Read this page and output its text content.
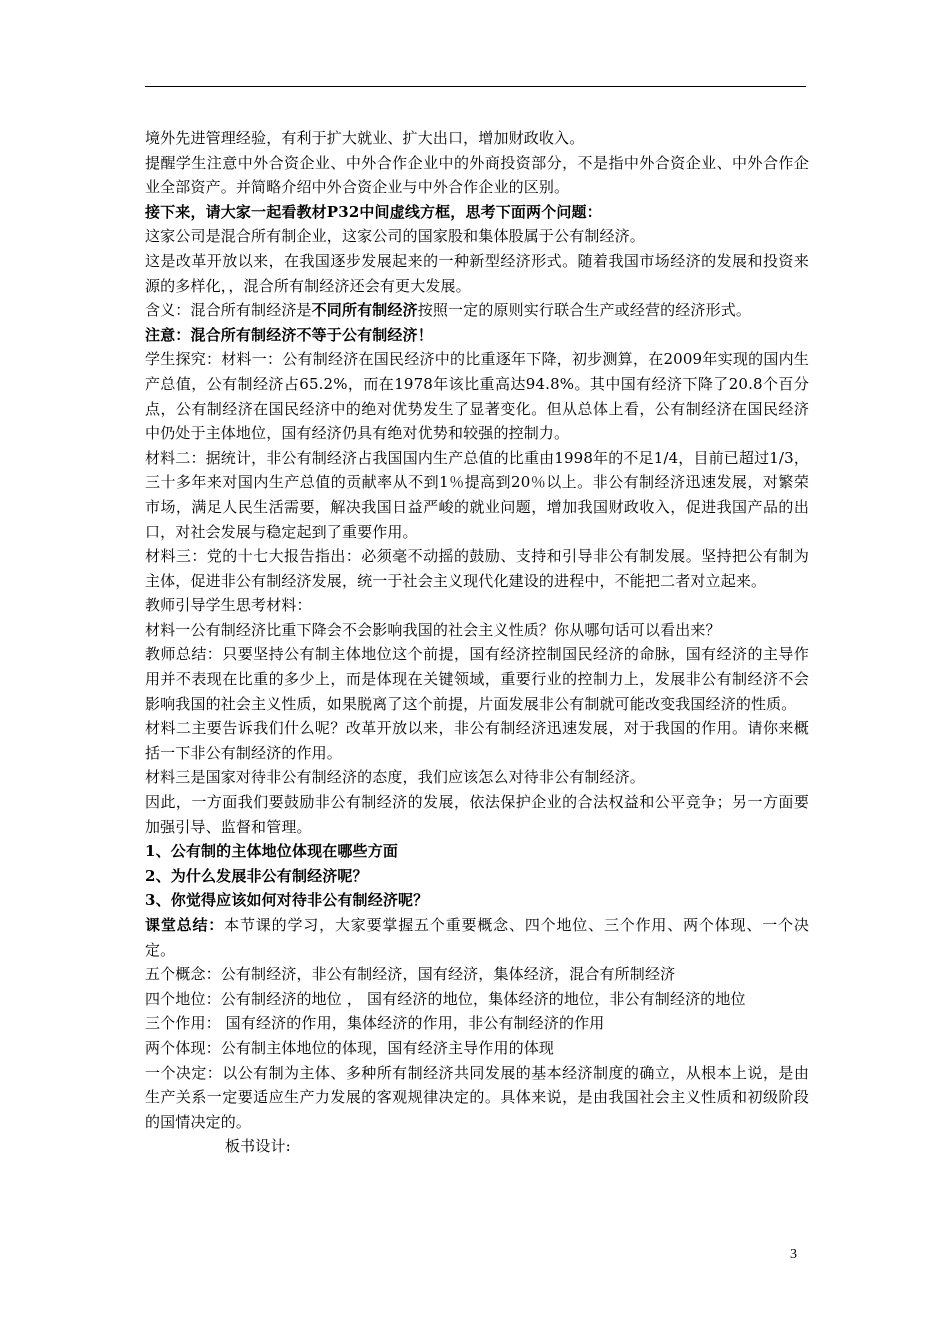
境外先进管理经验，有利于扩大就业、扩大出口，增加财政收入。
提醒学生注意中外合资企业、中外合作企业中的外商投资部分，不是指中外合资企业、中外合作企业全部资产。并简略介绍中外合资企业与中外合作企业的区别。
接下来，请大家一起看教材P32中间虚线方框，思考下面两个问题：
这家公司是混合所有制企业，这家公司的国家股和集体股属于公有制经济。
这是改革开放以来，在我国逐步发展起来的一种新型经济形式。随着我国市场经济的发展和投资来源的多样化，，混合所有制经济还会有更大发展。
含义：混合所有制经济是不同所有制经济按照一定的原则实行联合生产或经营的经济形式。
注意：混合所有制经济不等于公有制经济！
学生探究：材料一：公有制经济在国民经济中的比重逐年下降，初步测算，在2009年实现的国内生产总值，公有制经济占65.2%，而在1978年该比重高达94.8%。其中国有经济下降了20.8个百分点，公有制经济在国民经济中的绝对优势发生了显著变化。但从总体上看，公有制经济在国民经济中仍处于主体地位，国有经济仍具有绝对优势和较强的控制力。
材料二：据统计，非公有制经济占我国国内生产总值的比重由1998年的不足1/4，目前已超过1/3，三十多年来对国内生产总值的贡献率从不到1％提高到20％以上。非公有制经济迅速发展，对繁荣市场，满足人民生活需要，解决我国日益严峻的就业问题，增加我国财政收入，促进我国产品的出口，对社会发展与稳定起到了重要作用。
材料三：党的十七大报告指出：必须毫不动摇的鼓励、支持和引导非公有制发展。坚持把公有制为主体，促进非公有制经济发展，统一于社会主义现代化建设的进程中，不能把二者对立起来。
教师引导学生思考材料：
材料一公有制经济比重下降会不会影响我国的社会主义性质？你从哪句话可以看出来？
教师总结：只要坚持公有制主体地位这个前提，国有经济控制国民经济的命脉，国有经济的主导作用并不表现在比重的多少上，而是体现在关键领域，重要行业的控制力上，发展非公有制经济不会影响我国的社会主义性质，如果脱离了这个前提，片面发展非公有制就可能改变我国经济的性质。
材料二主要告诉我们什么呢？改革开放以来，非公有制经济迅速发展，对于我国的作用。请你来概括一下非公有制经济的作用。
材料三是国家对待非公有制经济的态度，我们应该怎么对待非公有制经济。
因此，一方面我们要鼓励非公有制经济的发展，依法保护企业的合法权益和公平竞争；另一方面要加强引导、监督和管理。
1、公有制的主体地位体现在哪些方面
2、为什么发展非公有制经济呢？
3、你觉得应该如何对待非公有制经济呢？
课堂总结：本节课的学习，大家要掌握五个重要概念、四个地位、三个作用、两个体现、一个决定。
五个概念：公有制经济，非公有制经济，国有经济，集体经济，混合有所制经济
四个地位：公有制经济的地位 ， 国有经济的地位，集体经济的地位，非公有制经济的地位
三个作用： 国有经济的作用，集体经济的作用，非公有制经济的作用
两个体现：公有制主体地位的体现，国有经济主导作用的体现
一个决定：以公有制为主体、多种所有制经济共同发展的基本经济制度的确立，从根本上说，是由生产关系一定要适应生产力发展的客观规律决定的。具体来说，是由我国社会主义性质和初级阶段的国情决定的。
板书设计:
3
